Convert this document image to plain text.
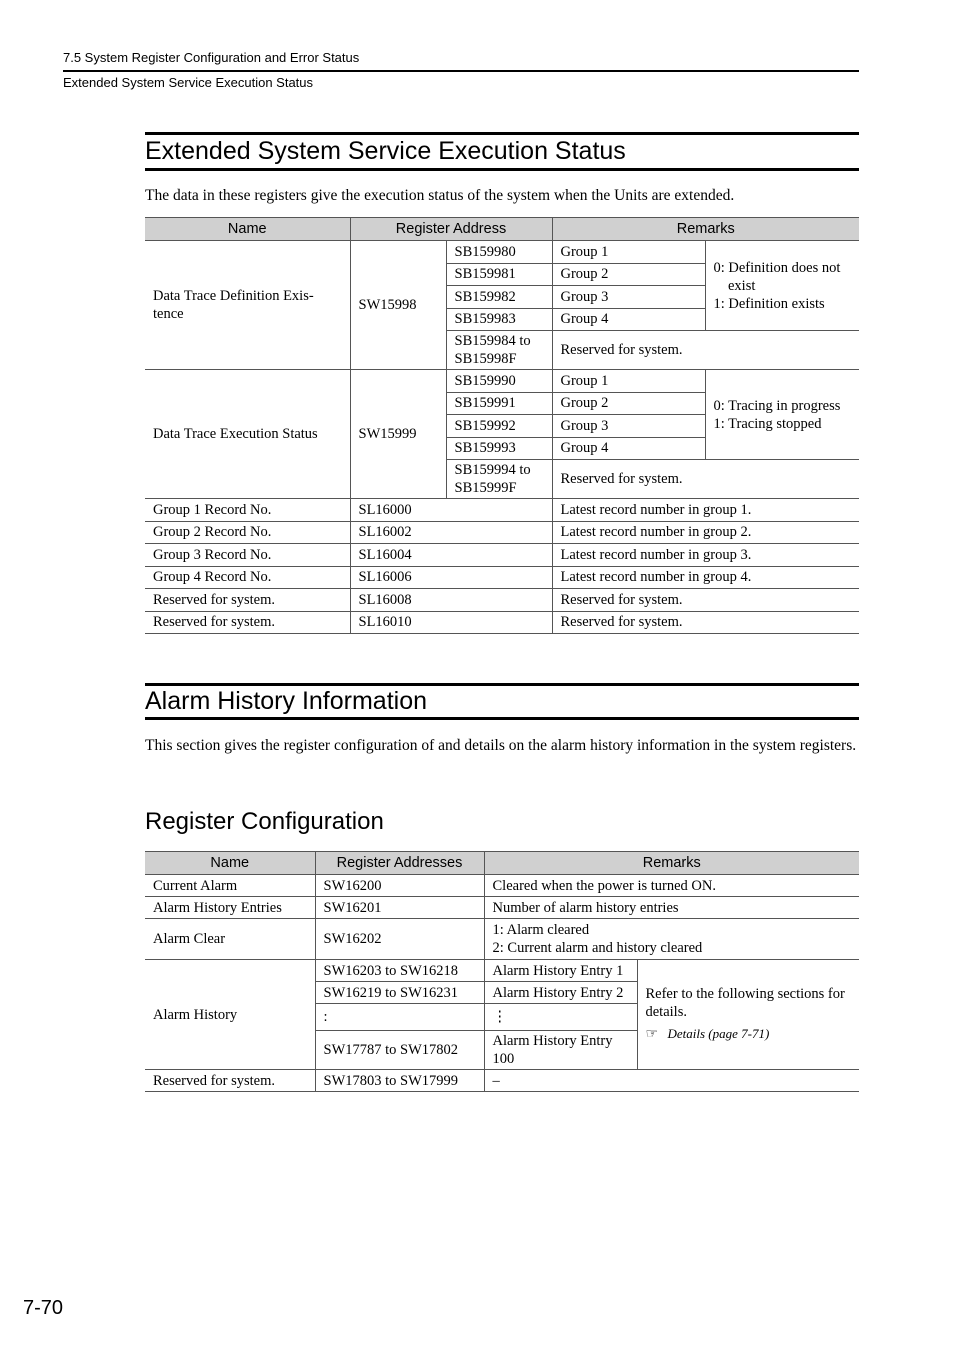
7.5 System Register Configuration and Error Status
Extended System Service Execution Status
Extended System Service Execution Status
The data in these registers give the execution status of the system when the Units are extended.
Name	Register Address		Remarks	
Data Trace Definition Exis-
tence	SW15998	SB159980	Group 1	0: Definition does not
exist
1: Definition exists
		SB159981	Group 2	
		SB159982	Group 3	
		SB159983	Group 4	
		SB159984 to
SB15998F	Reserved for system.	
Data Trace Execution Status	SW15999	SB159990	Group 1	0: Tracing in progress
1: Tracing stopped
		SB159991	Group 2	
		SB159992	Group 3	
		SB159993	Group 4	
		SB159994 to
SB15999F	Reserved for system.	
Group 1 Record No.	SL16000		Latest record number in group 1.	
Group 2 Record No.	SL16002		Latest record number in group 2.	
Group 3 Record No.	SL16004		Latest record number in group 3.	
Group 4 Record No.	SL16006		Latest record number in group 4.	
Reserved for system.	SL16008		Reserved for system.	
Reserved for system.	SL16010		Reserved for system.	
Alarm History Information
This section gives the register configuration of and details on the alarm history information in the system registers.
Register Configuration
Name	Register Addresses	Remarks	
Current Alarm	SW16200	Cleared when the power is turned ON.	
Alarm History Entries	SW16201	Number of alarm history entries	
Alarm Clear	SW16202	1: Alarm cleared
2: Current alarm and history cleared	
Alarm History	SW16203 to SW16218	Alarm History Entry 1	Refer to the following sections for details.
☞ Details (page 7-71)

	SW16219 to SW16231	Alarm History Entry 2	
	:	⋮	
	SW17787 to SW17802	Alarm History Entry
100	
Reserved for system.	SW17803 to SW17999	–	
7-70
